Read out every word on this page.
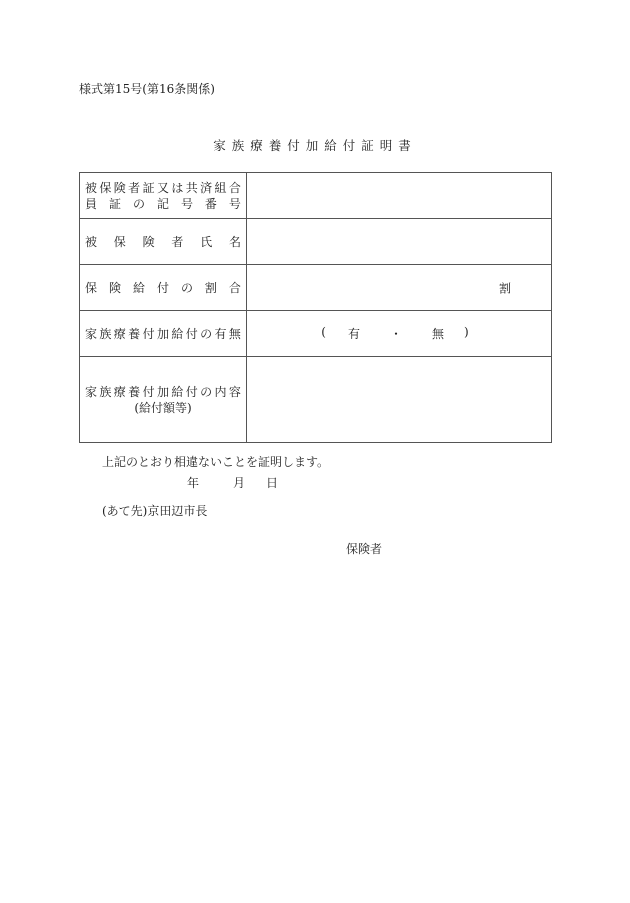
様式第15号(第16条関係)
家族療養付加給付証明書
被 保 険 者 証 又 は 共 済 組 合
員 証 の 記 号 番 号

被 保 険 者 氏 名

保 険 給 付 の 割 合	割

家 族 療 養 付 加 給 付 の 有 無	( 有	・	無 )

家 族 療 養 付 加 給 付 の 内 容
(給付額等)

上記のとおり相違ないことを証明します。
年	月 日
(あて先)京田辺市長
保険者
